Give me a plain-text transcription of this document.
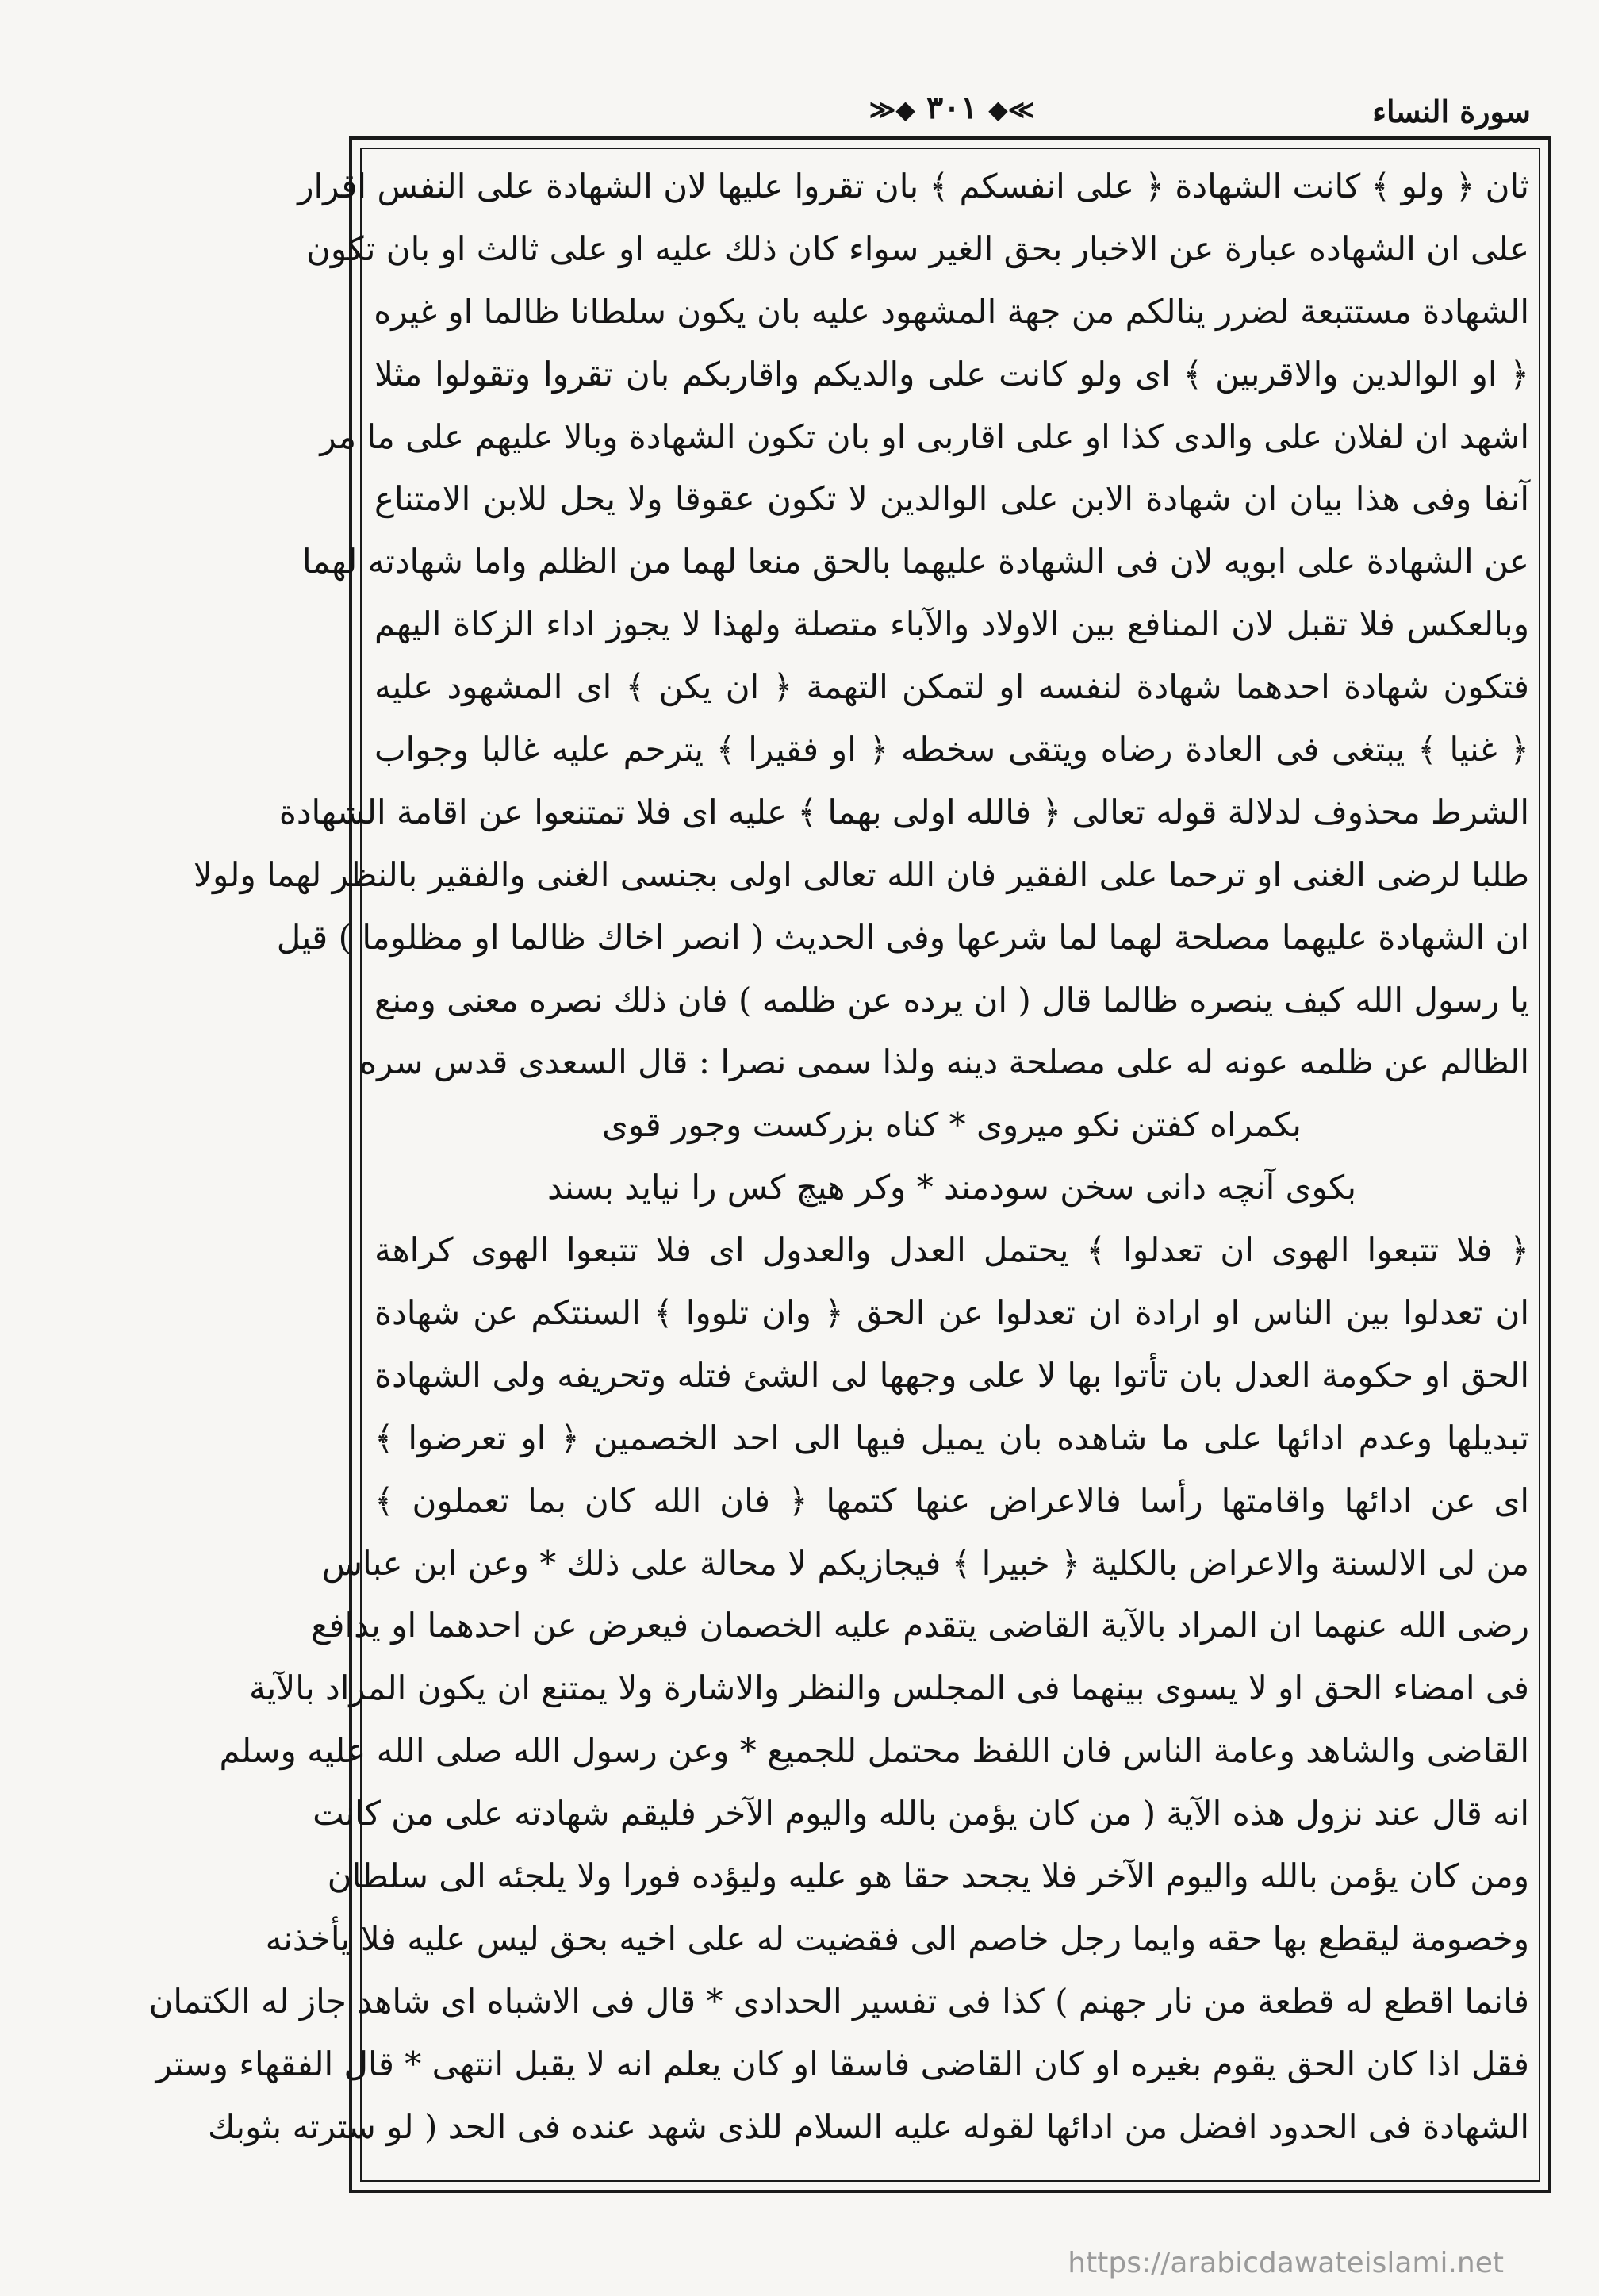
سورة النساء
≫◆ ٣٠١ ◆≪
ثان ﴿ ولو ﴾ كانت الشهادة ﴿ على انفسكم ﴾ بان تقروا عليها لان الشهادة على النفس اقرار
على ان الشهاده عبارة عن الاخبار بحق الغير سواء كان ذلك عليه او على ثالث او بان تكون
الشهادة مستتبعة لضرر ينالكم من جهة المشهود عليه بان يكون سلطانا ظالما او غيره
﴿ او الوالدين والاقربين ﴾ اى ولو كانت على والديكم واقاربكم بان تقروا وتقولوا مثلا
اشهد ان لفلان على والدى كذا او على اقاربى او بان تكون الشهادة وبالا عليهم على ما مر
آنفا وفى هذا بيان ان شهادة الابن على الوالدين لا تكون عقوقا ولا يحل للابن الامتناع
عن الشهادة على ابويه لان فى الشهادة عليهما بالحق منعا لهما من الظلم واما شهادته لهما
وبالعكس فلا تقبل لان المنافع بين الاولاد والآباء متصلة ولهذا لا يجوز اداء الزكاة اليهم
فتكون شهادة احدهما شهادة لنفسه او لتمكن التهمة ﴿ ان يكن ﴾ اى المشهود عليه
﴿ غنيا ﴾ يبتغى فى العادة رضاه ويتقى سخطه ﴿ او فقيرا ﴾ يترحم عليه غالبا وجواب
الشرط محذوف لدلالة قوله تعالى ﴿ فالله اولى بهما ﴾ عليه اى فلا تمتنعوا عن اقامة الشهادة
طلبا لرضى الغنى او ترحما على الفقير فان الله تعالى اولى بجنسى الغنى والفقير بالنظر لهما ولولا
ان الشهادة عليهما مصلحة لهما لما شرعها وفى الحديث ( انصر اخاك ظالما او مظلوما ) قيل
يا رسول الله كيف ينصره ظالما قال ( ان يرده عن ظلمه ) فان ذلك نصره معنى ومنع
الظالم عن ظلمه عونه له على مصلحة دينه ولذا سمى نصرا : قال السعدى قدس سره
بكمراه كفتن نكو ميروى * كناه بزركست وجور قوى
بكوى آنچه دانى سخن سودمند * وكر هيچ كس را نيايد بسند
﴿ فلا تتبعوا الهوى ان تعدلوا ﴾ يحتمل العدل والعدول اى فلا تتبعوا الهوى كراهة
ان تعدلوا بين الناس او ارادة ان تعدلوا عن الحق ﴿ وان تلووا ﴾ السنتكم عن شهادة
الحق او حكومة العدل بان تأتوا بها لا على وجهها لى الشئ فتله وتحريفه ولى الشهادة
تبديلها وعدم ادائها على ما شاهده بان يميل فيها الى احد الخصمين ﴿ او تعرضوا ﴾
اى عن ادائها واقامتها رأسا فالاعراض عنها كتمها ﴿ فان الله كان بما تعملون ﴾
من لى الالسنة والاعراض بالكلية ﴿ خبيرا ﴾ فيجازيكم لا محالة على ذلك * وعن ابن عباس
رضى الله عنهما ان المراد بالآية القاضى يتقدم عليه الخصمان فيعرض عن احدهما او يدافع
فى امضاء الحق او لا يسوى بينهما فى المجلس والنظر والاشارة ولا يمتنع ان يكون المراد بالآية
القاضى والشاهد وعامة الناس فان اللفظ محتمل للجميع * وعن رسول الله صلى الله عليه وسلم
انه قال عند نزول هذه الآية ( من كان يؤمن بالله واليوم الآخر فليقم شهادته على من كانت
ومن كان يؤمن بالله واليوم الآخر فلا يجحد حقا هو عليه وليؤده فورا ولا يلجئه الى سلطان
وخصومة ليقطع بها حقه وايما رجل خاصم الى فقضيت له على اخيه بحق ليس عليه فلا يأخذنه
فانما اقطع له قطعة من نار جهنم ) كذا فى تفسير الحدادى * قال فى الاشباه اى شاهد جاز له الكتمان
فقل اذا كان الحق يقوم بغيره او كان القاضى فاسقا او كان يعلم انه لا يقبل انتهى * قال الفقهاء وستر
الشهادة فى الحدود افضل من ادائها لقوله عليه السلام للذى شهد عنده فى الحد ( لو سترته بثوبك
https://arabicdawateislami.net
